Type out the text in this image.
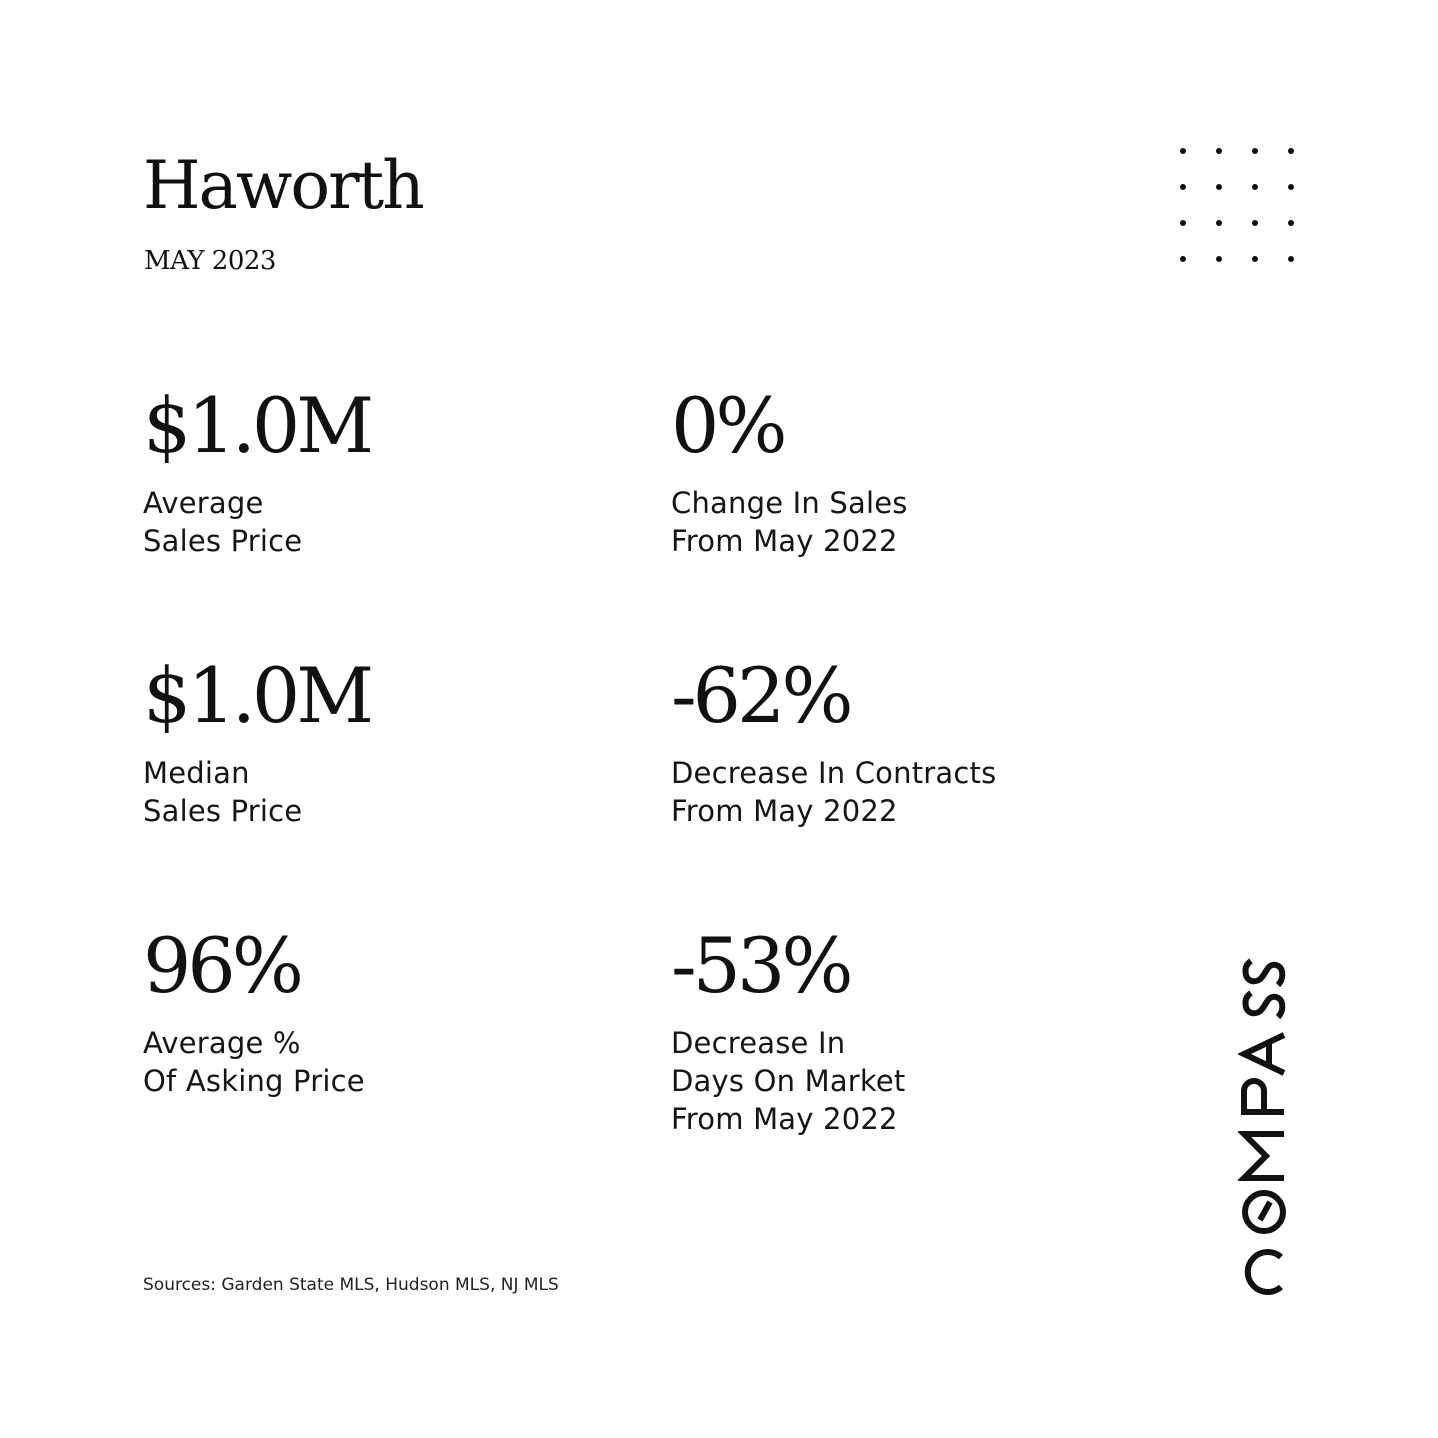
Haworth
MAY 2023
$1.0M
Average
Sales Price
0%
Change In Sales
From May 2022
$1.0M
Median
Sales Price
-62%
Decrease In Contracts
From May 2022
96%
Average %
Of Asking Price
-53%
Decrease In
Days On Market
From May 2022
Sources: Garden State MLS, Hudson MLS, NJ MLS
